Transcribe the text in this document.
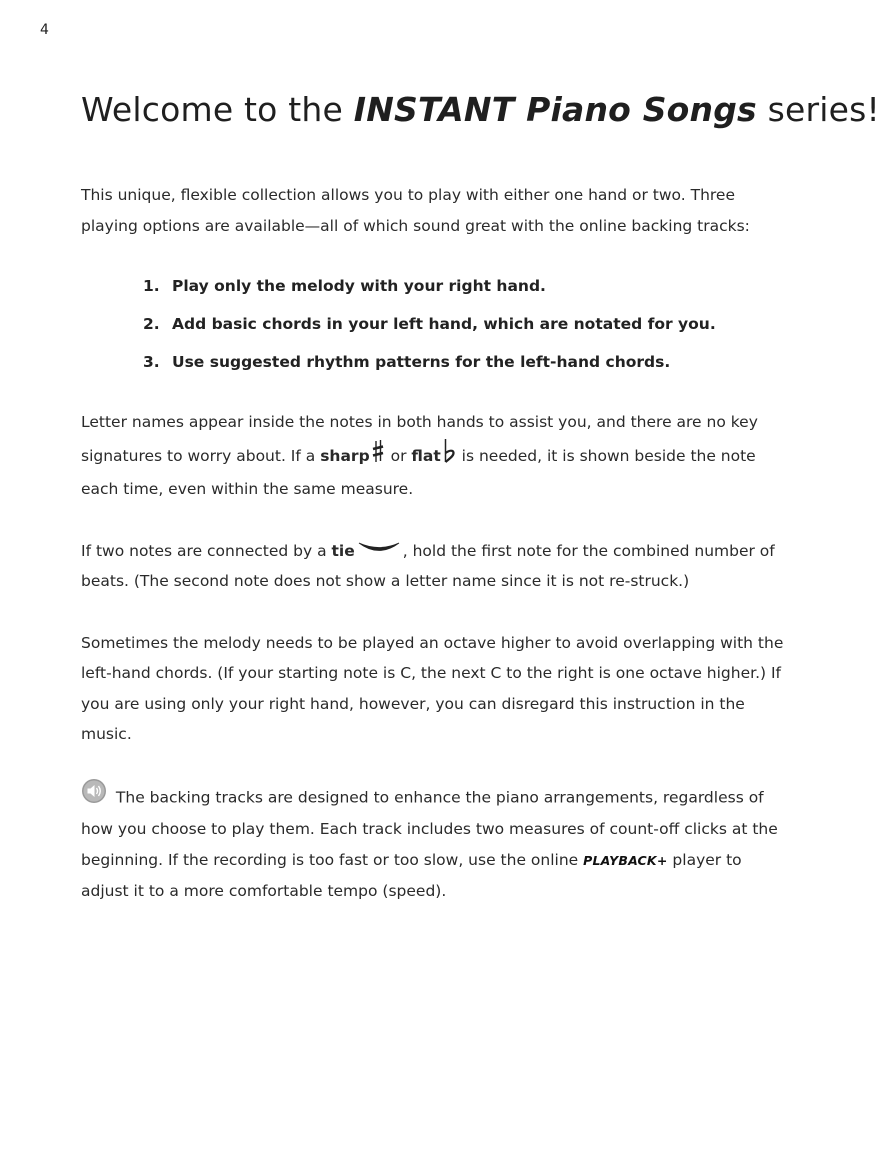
4
Welcome to the INSTANT Piano Songs series!

This unique, flexible collection allows you to play with either one hand or two. Three playing options are available—all of which sound great with the online backing tracks:

1. Play only the melody with your right hand.
2. Add basic chords in your left hand, which are notated for you.
3. Use suggested rhythm patterns for the left-hand chords.

Letter names appear inside the notes in both hands to assist you, and there are no key signatures to worry about. If a sharp or flat is needed, it is shown beside the note each time, even within the same measure.

If two notes are connected by a tie	, hold the first note for the combined number of beats. (The second note does not show a letter name since it is not re-struck.)

Sometimes the melody needs to be played an octave higher to avoid overlapping with the left-hand chords. (If your starting note is C, the next C to the right is one octave higher.) If you are using only your right hand, however, you can disregard this instruction in the music.

The backing tracks are designed to enhance the piano arrangements, regardless of how you choose to play them. Each track includes two measures of count-off clicks at the beginning. If the recording is too fast or too slow, use the online PLAYBACK+ player to adjust it to a more comfortable tempo (speed).
